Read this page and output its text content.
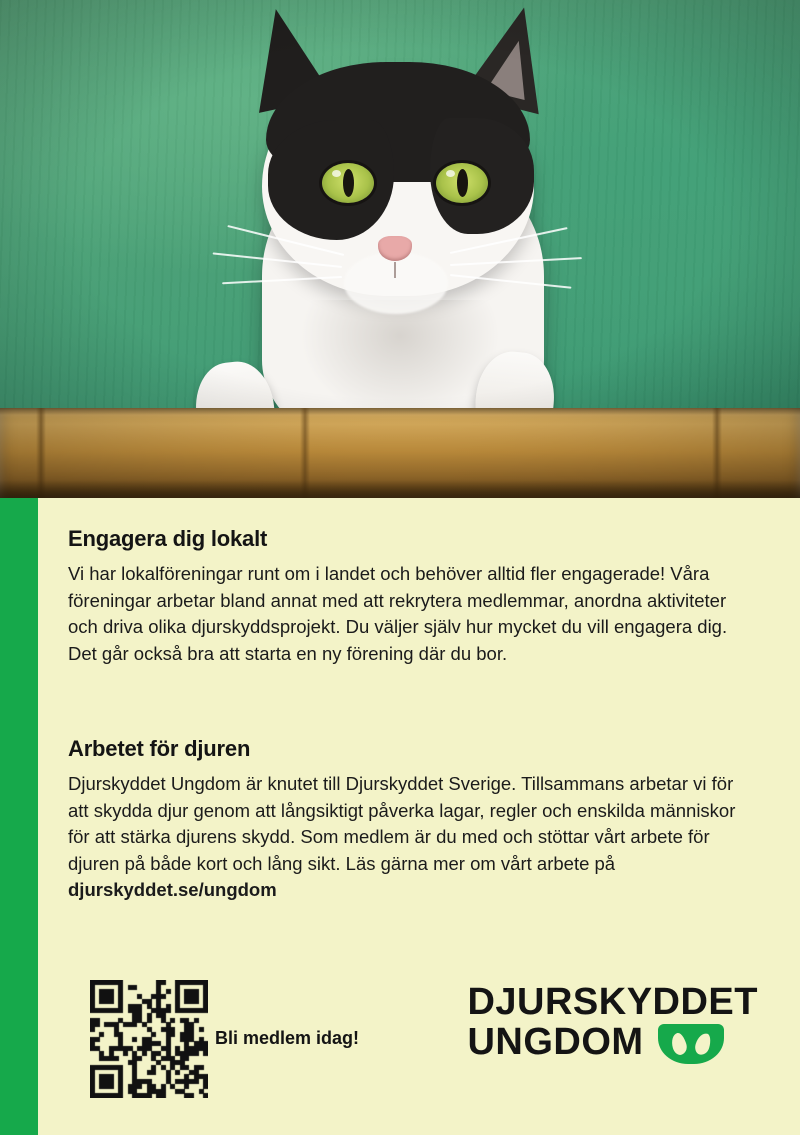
Engagera dig lokalt

Vi har lokalföreningar runt om i landet och behöver alltid fler engagerade! Våra föreningar arbetar bland annat med att rekrytera medlemmar, anordna aktiviteter och driva olika djurskyddsprojekt. Du väljer själv hur mycket du vill engagera dig. Det går också bra att starta en ny förening där du bor.

Arbetet för djuren

Djurskyddet Ungdom är knutet till Djurskyddet Sverige. Tillsammans arbetar vi för att skydda djur genom att långsiktigt påverka lagar, regler och enskilda människor för att stärka djurens skydd. Som medlem är du med och stöttar vårt arbete för djuren på både kort och lång sikt. Läs gärna mer om vårt arbete på djurskyddet.se/ungdom

Bli medlem idag!
DJURSKYDDET
UNGDOM
